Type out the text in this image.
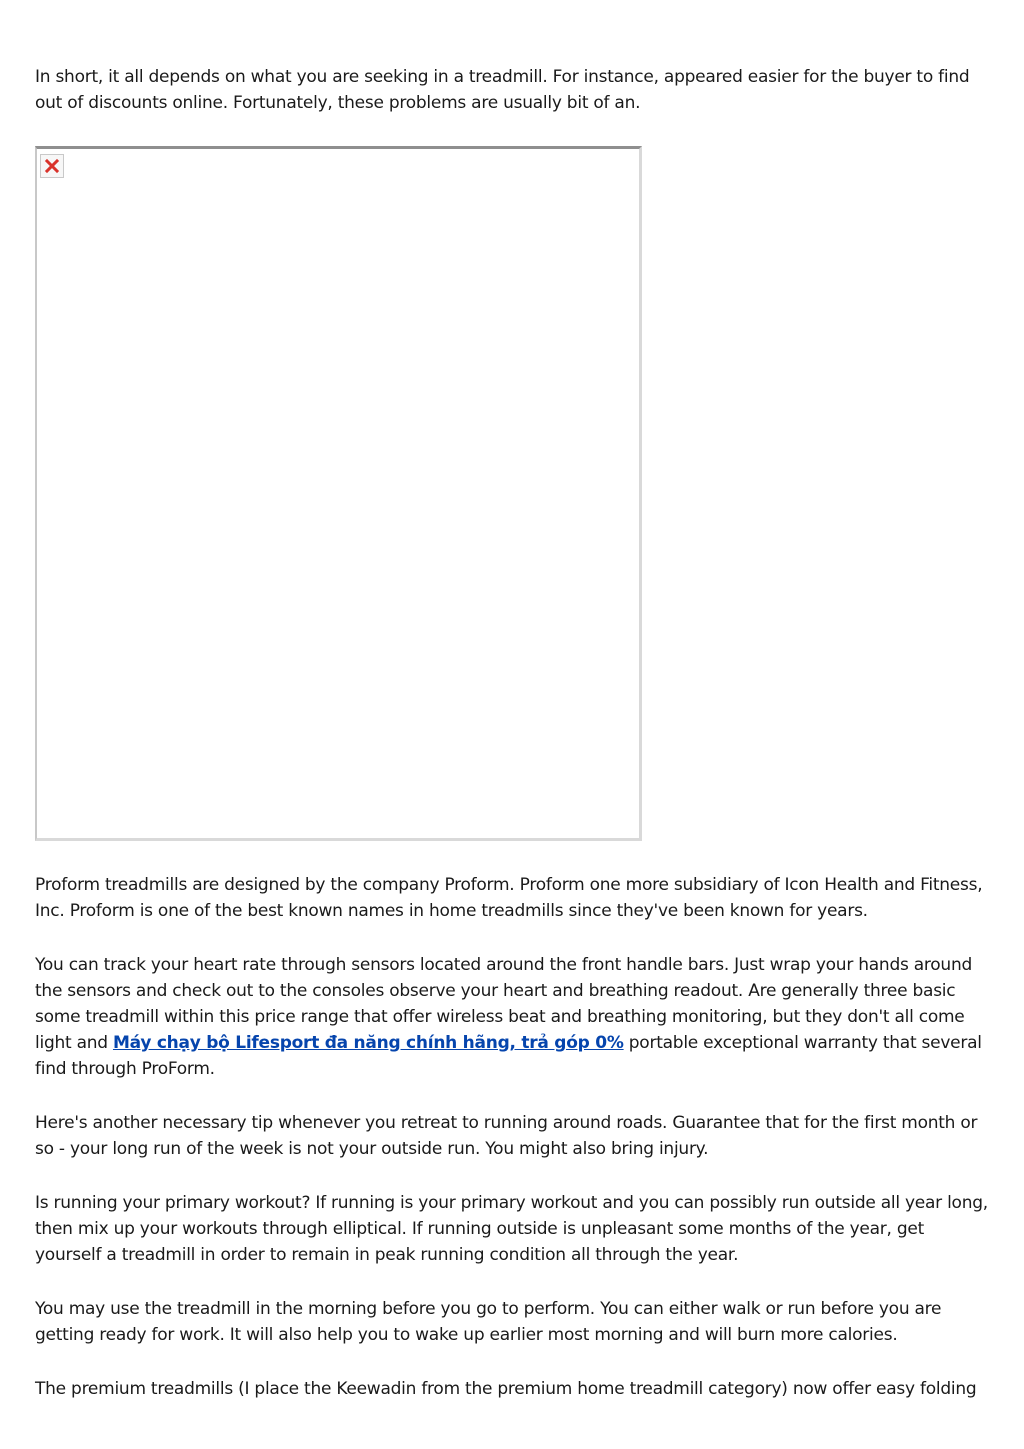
In short, it all depends on what you are seeking in a treadmill. For instance, appeared easier for the buyer to find out of discounts online. Fortunately, these problems are usually bit of an.

Proform treadmills are designed by the company Proform. Proform one more subsidiary of Icon Health and Fitness, Inc. Proform is one of the best known names in home treadmills since they've been known for years.

You can track your heart rate through sensors located around the front handle bars. Just wrap your hands around the sensors and check out to the consoles observe your heart and breathing readout. Are generally three basic some treadmill within this price range that offer wireless beat and breathing monitoring, but they don't all come light and Máy chạy bộ Lifesport đa năng chính hãng, trả góp 0% portable exceptional warranty that several find through ProForm.

Here's another necessary tip whenever you retreat to running around roads. Guarantee that for the first month or so - your long run of the week is not your outside run. You might also bring injury.

Is running your primary workout? If running is your primary workout and you can possibly run outside all year long, then mix up your workouts through elliptical. If running outside is unpleasant some months of the year, get yourself a treadmill in order to remain in peak running condition all through the year.

You may use the treadmill in the morning before you go to perform. You can either walk or run before you are getting ready for work. It will also help you to wake up earlier most morning and will burn more calories.

The premium treadmills (I place the Keewadin from the premium home treadmill category) now offer easy folding
